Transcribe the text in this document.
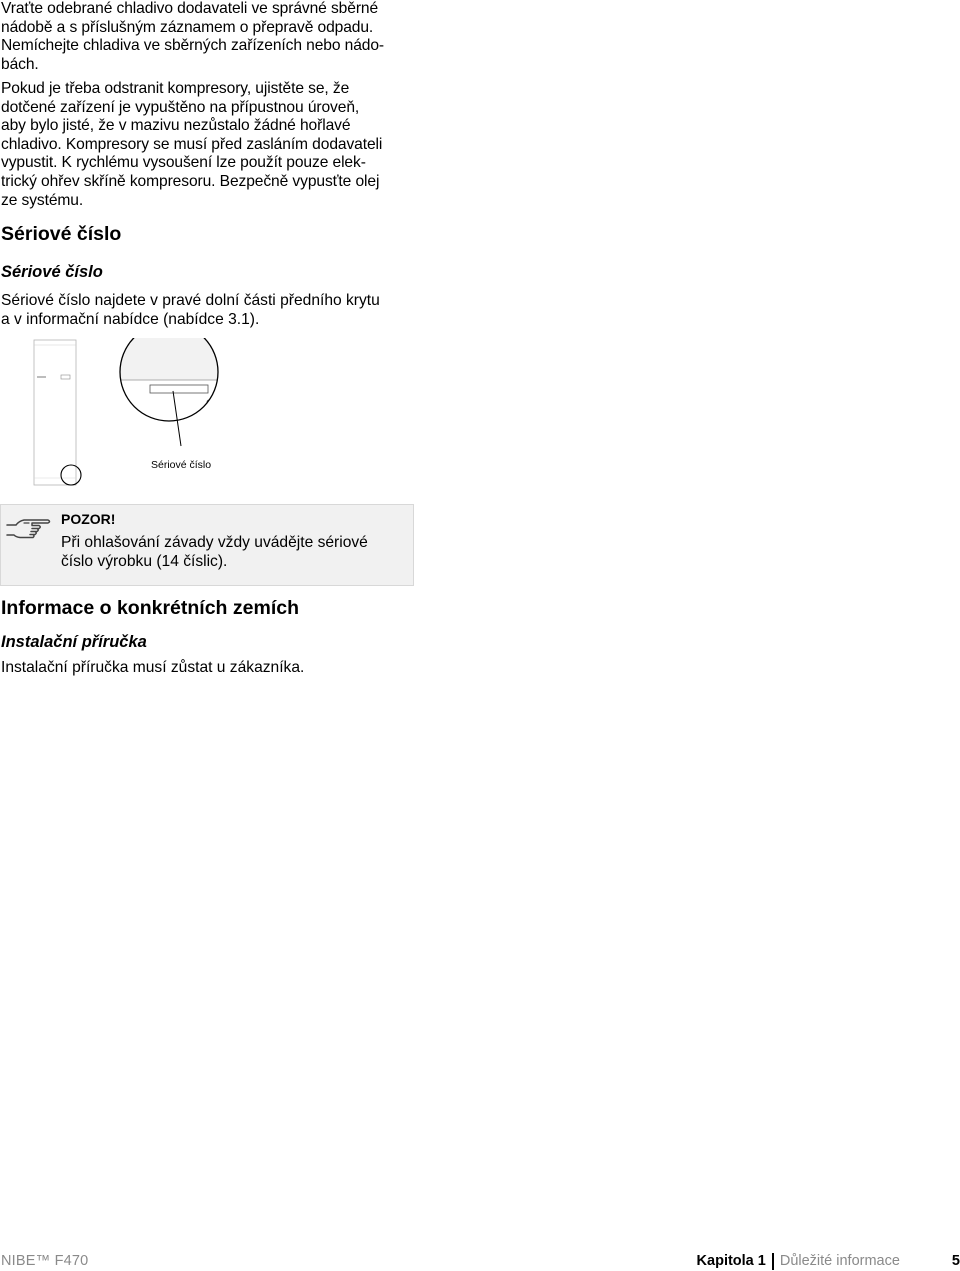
Vraťte odebrané chladivo dodavateli ve správné sběrné
nádobě a s příslušným záznamem o přepravě odpadu.
Nemíchejte chladiva ve sběrných zařízeních nebo nádo-
bách.

Pokud je třeba odstranit kompresory, ujistěte se, že
dotčené zařízení je vypuštěno na přípustnou úroveň,
aby bylo jisté, že v mazivu nezůstalo žádné hořlavé
chladivo. Kompresory se musí před zasláním dodavateli
vypustit. K rychlému vysoušení lze použít pouze elek-
trický ohřev skříně kompresoru. Bezpečně vypusťte olej
ze systému.

Sériové číslo
Sériové číslo

Sériové číslo najdete v pravé dolní části předního krytu
a v informační nabídce (nabídce 3.1).

Sériové číslo
POZOR!

Při ohlašování závady vždy uvádějte sériové
číslo výrobku (14 číslic).

Informace o konkrétních zemích
Instalační příručka

Instalační příručka musí zůstat u zákazníka.

NIBE™ F470	Kapitola 1 Důležité informace	5
